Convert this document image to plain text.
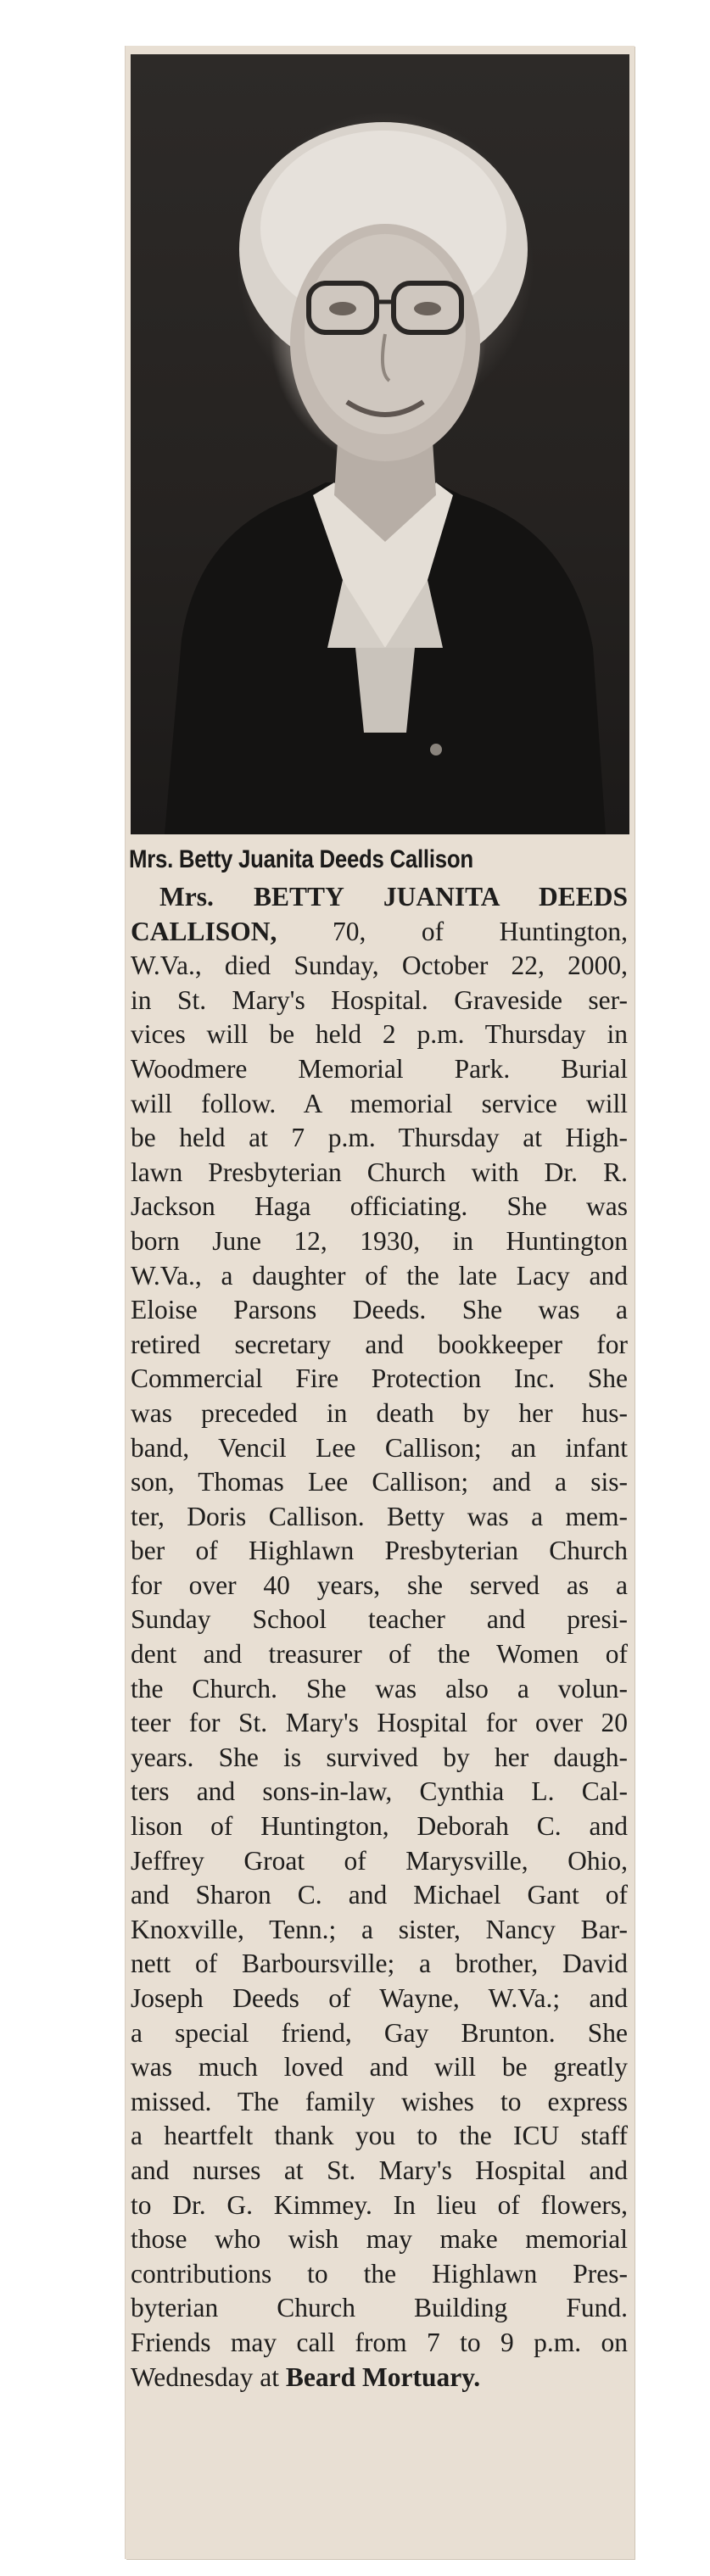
Mrs. Betty Juanita Deeds Callison
Mrs. BETTY JUANITA DEEDS
CALLISON, 70, of Huntington,
W.Va., died Sunday, October 22, 2000,
in St. Mary's Hospital. Graveside ser-
vices will be held 2 p.m. Thursday in
Woodmere Memorial Park. Burial
will follow. A memorial service will
be held at 7 p.m. Thursday at High-
lawn Presbyterian Church with Dr. R.
Jackson Haga officiating. She was
born June 12, 1930, in Huntington
W.Va., a daughter of the late Lacy and
Eloise Parsons Deeds. She was a
retired secretary and bookkeeper for
Commercial Fire Protection Inc. She
was preceded in death by her hus-
band, Vencil Lee Callison; an infant
son, Thomas Lee Callison; and a sis-
ter, Doris Callison. Betty was a mem-
ber of Highlawn Presbyterian Church
for over 40 years, she served as a
Sunday School teacher and presi-
dent and treasurer of the Women of
the Church. She was also a volun-
teer for St. Mary's Hospital for over 20
years. She is survived by her daugh-
ters and sons-in-law, Cynthia L. Cal-
lison of Huntington, Deborah C. and
Jeffrey Groat of Marysville, Ohio,
and Sharon C. and Michael Gant of
Knoxville, Tenn.; a sister, Nancy Bar-
nett of Barboursville; a brother, David
Joseph Deeds of Wayne, W.Va.; and
a special friend, Gay Brunton. She
was much loved and will be greatly
missed. The family wishes to express
a heartfelt thank you to the ICU staff
and nurses at St. Mary's Hospital and
to Dr. G. Kimmey. In lieu of flowers,
those who wish may make memorial
contributions to the Highlawn Pres-
byterian Church Building Fund.
Friends may call from 7 to 9 p.m. on
Wednesday at Beard Mortuary.
